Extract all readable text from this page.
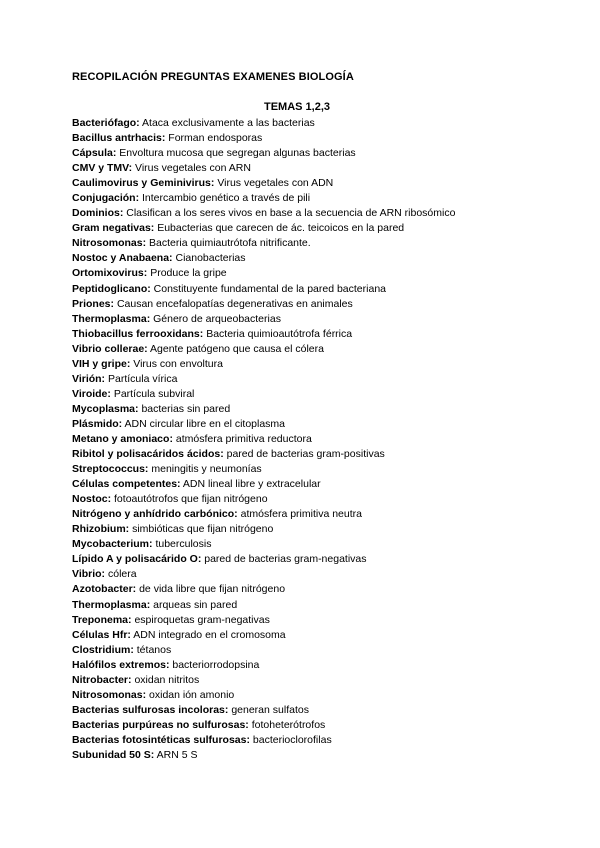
RECOPILACIÓN PREGUNTAS EXAMENES BIOLOGÍA
TEMAS 1,2,3
Bacteriófago: Ataca exclusivamente a las bacterias
Bacillus antrhacis: Forman endosporas
Cápsula: Envoltura mucosa que segregan algunas bacterias
CMV y TMV: Virus vegetales con ARN
Caulimovirus y Geminivirus: Virus vegetales con ADN
Conjugación: Intercambio genético a través de pili
Dominios: Clasifican a los seres vivos en base a la secuencia de ARN ribosómico
Gram negativas: Eubacterias que carecen de ác. teicoicos en la pared
Nitrosomonas: Bacteria quimiautrótofa nitrificante.
Nostoc y Anabaena: Cianobacterias
Ortomixovirus: Produce la gripe
Peptidoglicano: Constituyente fundamental de la pared bacteriana
Priones: Causan encefalopatías degenerativas en animales
Thermoplasma: Género de arqueobacterias
Thiobacillus ferrooxidans: Bacteria quimioautótrofa férrica
Vibrio collerae: Agente patógeno que causa el cólera
VIH y gripe: Virus con envoltura
Virión: Partícula vírica
Viroide: Partícula subviral
Mycoplasma: bacterias sin pared
Plásmido: ADN circular libre en el citoplasma
Metano y amoniaco: atmósfera primitiva reductora
Ribitol y polisacáridos ácidos: pared de bacterias gram-positivas
Streptococcus: meningitis y neumonías
Células competentes: ADN lineal libre y extracelular
Nostoc: fotoautótrofos que fijan nitrógeno
Nitrógeno y anhídrido carbónico: atmósfera primitiva neutra
Rhizobium: simbióticas que fijan nitrógeno
Mycobacterium: tuberculosis
Lípido A y polisacárido O: pared de bacterias gram-negativas
Vibrio: cólera
Azotobacter: de vida libre que fijan nitrógeno
Thermoplasma: arqueas sin pared
Treponema: espiroquetas gram-negativas
Células Hfr: ADN integrado en el cromosoma
Clostridium: tétanos
Halófilos extremos: bacteriorrodopsina
Nitrobacter: oxidan nitritos
Nitrosomonas: oxidan ión amonio
Bacterias sulfurosas incoloras: generan sulfatos
Bacterias purpúreas no sulfurosas: fotoheterótrofos
Bacterias fotosintéticas sulfurosas: bacterioclorofilas
Subunidad 50 S: ARN 5 S
